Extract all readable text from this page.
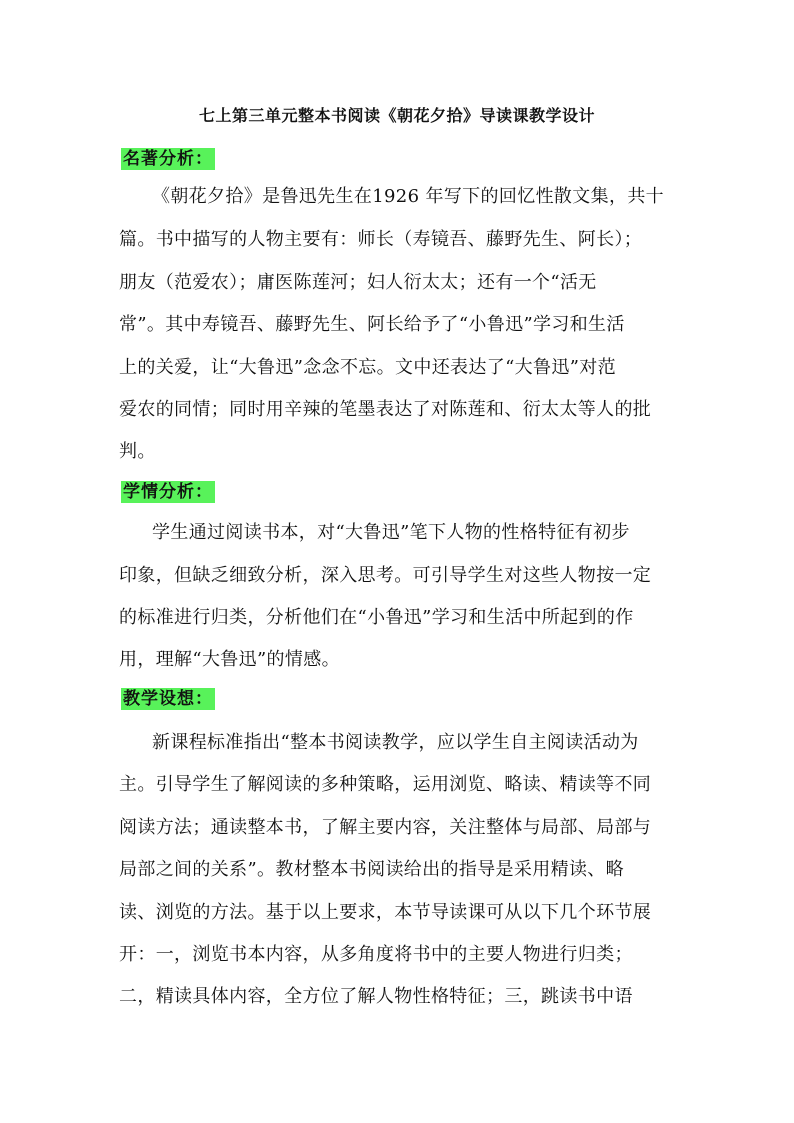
七上第三单元整本书阅读《朝花夕拾》导读课教学设计
名著分析：
《朝花夕拾》是鲁迅先生在1926 年写下的回忆性散文集，共十
篇。书中描写的人物主要有：师长（寿镜吾、藤野先生、阿长）；
朋友（范爱农）；庸医陈莲河；妇人衍太太；还有一个“活无
常”。其中寿镜吾、藤野先生、阿长给予了“小鲁迅”学习和生活
上的关爱，让“大鲁迅”念念不忘。文中还表达了“大鲁迅”对范
爱农的同情；同时用辛辣的笔墨表达了对陈莲和、衍太太等人的批
判。
学情分析：
学生通过阅读书本，对“大鲁迅”笔下人物的性格特征有初步
印象，但缺乏细致分析，深入思考。可引导学生对这些人物按一定
的标准进行归类，分析他们在“小鲁迅”学习和生活中所起到的作
用，理解“大鲁迅”的情感。
教学设想：
新课程标准指出“整本书阅读教学，应以学生自主阅读活动为
主。引导学生了解阅读的多种策略，运用浏览、略读、精读等不同
阅读方法；通读整本书，了解主要内容，关注整体与局部、局部与
局部之间的关系”。教材整本书阅读给出的指导是采用精读、略
读、浏览的方法。基于以上要求，本节导读课可从以下几个环节展
开：一，浏览书本内容，从多角度将书中的主要人物进行归类；
二，精读具体内容，全方位了解人物性格特征；三，跳读书中语
